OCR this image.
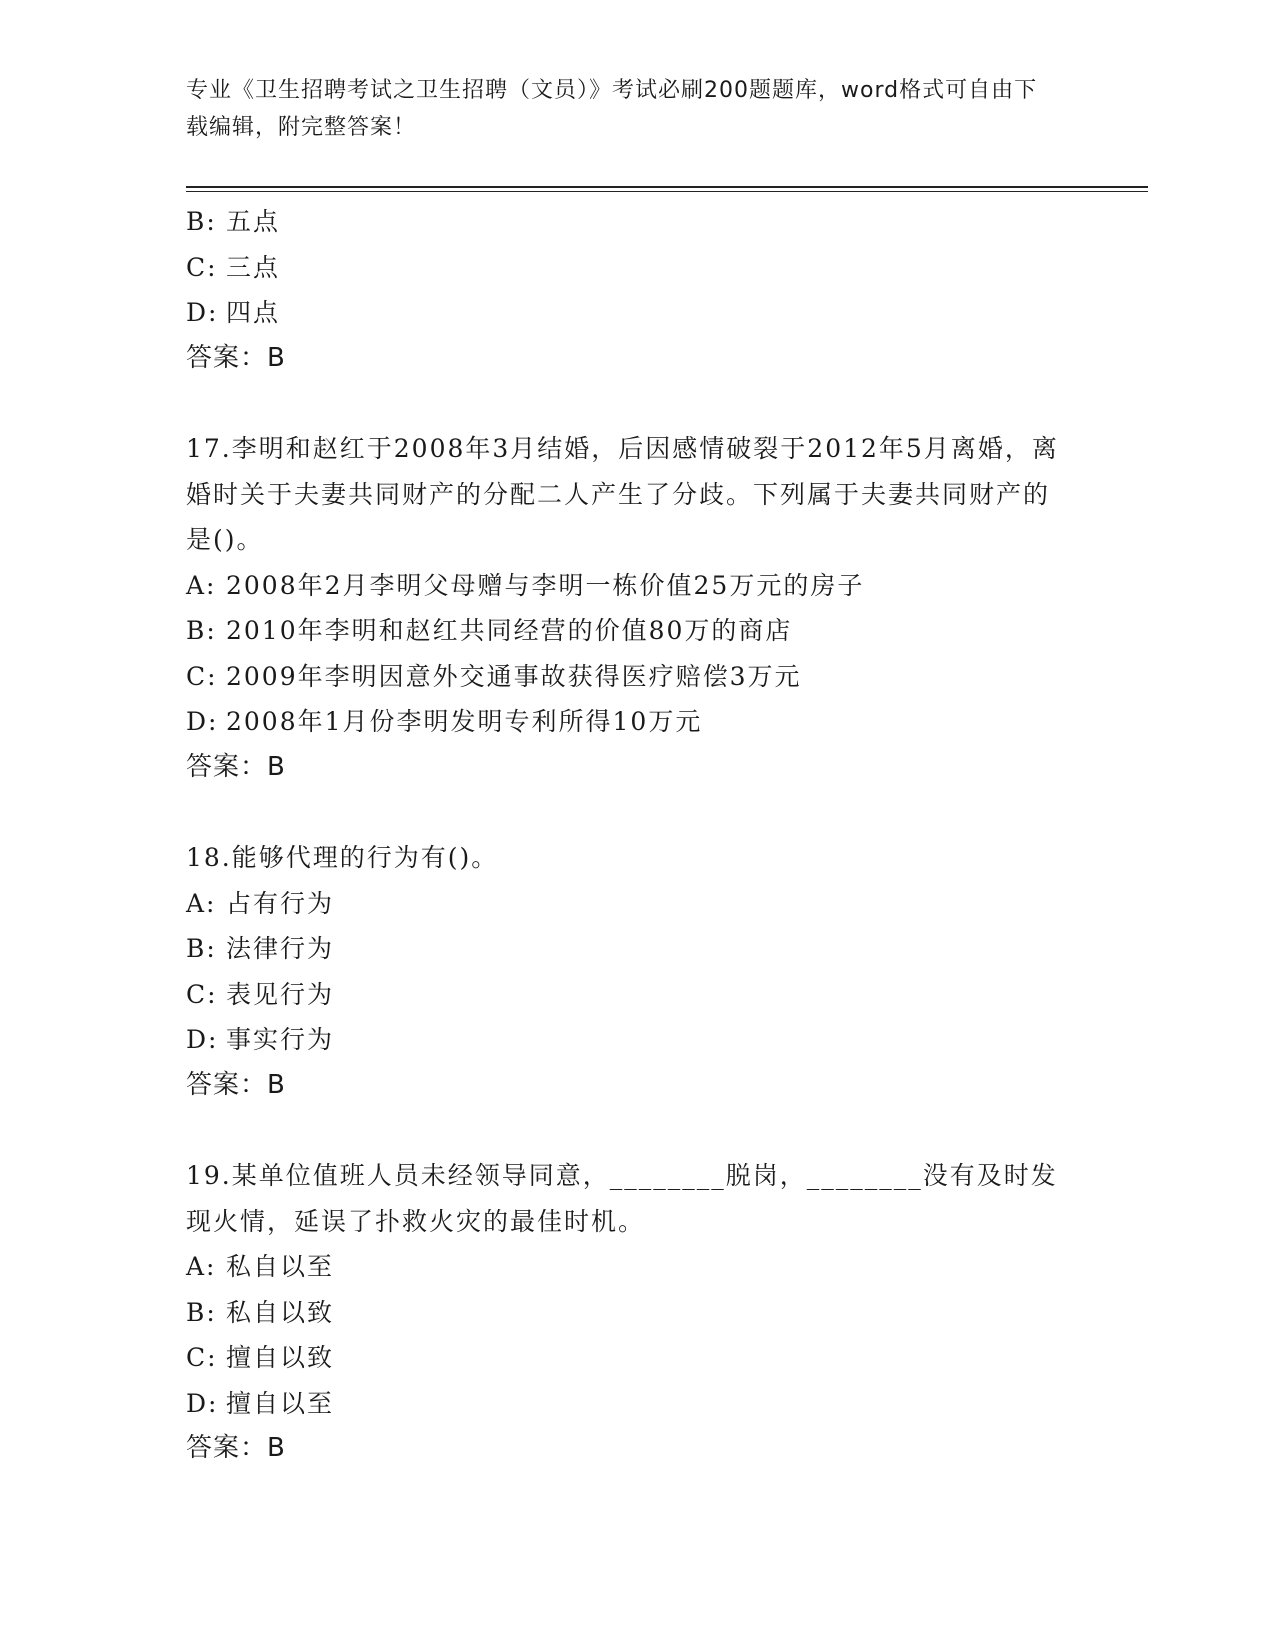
专业《卫生招聘考试之卫生招聘（文员）》考试必刷200题题库，word格式可自由下载编辑，附完整答案！

B: 五点
C: 三点
D: 四点
答案：B

17.李明和赵红于2008年3月结婚，后因感情破裂于2012年5月离婚，离婚时关于夫妻共同财产的分配二人产生了分歧。下列属于夫妻共同财产的是()。

A: 2008年2月李明父母赠与李明一栋价值25万元的房子
B: 2010年李明和赵红共同经营的价值80万的商店
C: 2009年李明因意外交通事故获得医疗赔偿3万元
D: 2008年1月份李明发明专利所得10万元
答案：B

18.能够代理的行为有()。

A: 占有行为
B: 法律行为
C: 表见行为
D: 事实行为
答案：B

19.某单位值班人员未经领导同意，________脱岗，________没有及时发现火情，延误了扑救火灾的最佳时机。

A: 私自以至
B: 私自以致
C: 擅自以致
D: 擅自以至
答案：B
